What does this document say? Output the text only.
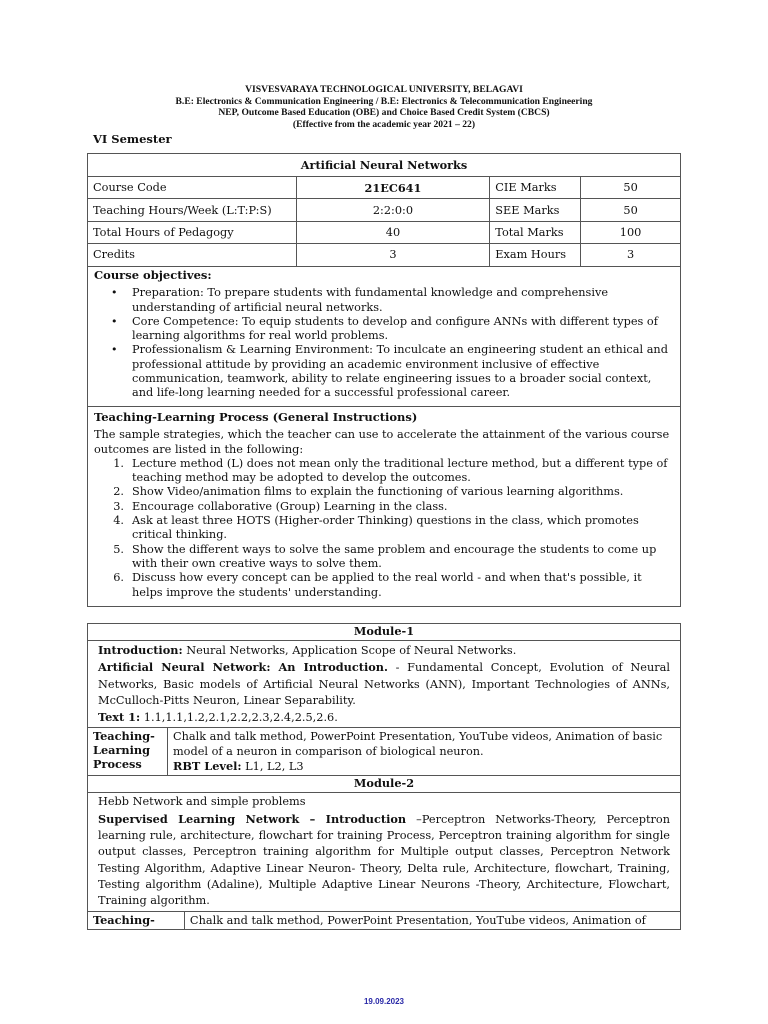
VISVESVARAYA TECHNOLOGICAL UNIVERSITY, BELAGAVI
B.E: Electronics & Communication Engineering / B.E: Electronics & Telecommunication Engineering
NEP, Outcome Based Education (OBE) and Choice Based Credit System (CBCS)
(Effective from the academic year 2021 – 22)
VI Semester
Artificial Neural Networks			
Course Code	21EC641	CIE Marks	50
Teaching Hours/Week (L:T:P:S)	2:2:0:0	SEE Marks	50
Total Hours of Pedagogy	40	Total Marks	100
Credits	3	Exam Hours	3
Course objectives:
• Preparation: To prepare students with fundamental knowledge and comprehensive understanding of artificial neural networks.
• Core Competence: To equip students to develop and configure ANNs with different types of learning algorithms for real world problems.
• Professionalism & Learning Environment: To inculcate an engineering student an ethical and professional attitude by providing an academic environment inclusive of effective communication, teamwork, ability to relate engineering issues to a broader social context, and life-long learning needed for a successful professional career.
Teaching-Learning Process (General Instructions)

The sample strategies, which the teacher can use to accelerate the attainment of the various course outcomes are listed in the following:

1. Lecture method (L) does not mean only the traditional lecture method, but a different type of teaching method may be adopted to develop the outcomes.
2. Show Video/animation films to explain the functioning of various learning algorithms.
3. Encourage collaborative (Group) Learning in the class.
4. Ask at least three HOTS (Higher-order Thinking) questions in the class, which promotes critical thinking.
5. Show the different ways to solve the same problem and encourage the students to come up with their own creative ways to solve them.
6. Discuss how every concept can be applied to the real world - and when that's possible, it helps improve the students' understanding.
Module-1		

Introduction: Neural Networks, Application Scope of Neural Networks.
Artificial Neural Network: An Introduction. - Fundamental Concept, Evolution of Neural Networks, Basic models of Artificial Neural Networks (ANN), Important Technologies of ANNs, McCulloch-Pitts Neuron, Linear Separability.
Text 1: 1.1,1.1,1.2,2.1,2.2,2.3,2.4,2.5,2.6.		

Teaching-Learning Process	Chalk and talk method, PowerPoint Presentation, YouTube videos, Animation of basic model of a neuron in comparison of biological neuron.
RBT Level: L1, L2, L3	

Module-2		

Hebb Network and simple problems
Supervised Learning Network – Introduction –Perceptron Networks-Theory, Perceptron learning rule, architecture, flowchart for training Process, Perceptron training algorithm for single output classes, Perceptron training algorithm for Multiple output classes, Perceptron Network Testing Algorithm, Adaptive Linear Neuron- Theory, Delta rule, Architecture, flowchart, Training, Testing algorithm (Adaline), Multiple Adaptive Linear Neurons -Theory, Architecture, Flowchart, Training algorithm.		

Teaching-		Chalk and talk method, PowerPoint Presentation, YouTube videos, Animation of
19.09.2023
